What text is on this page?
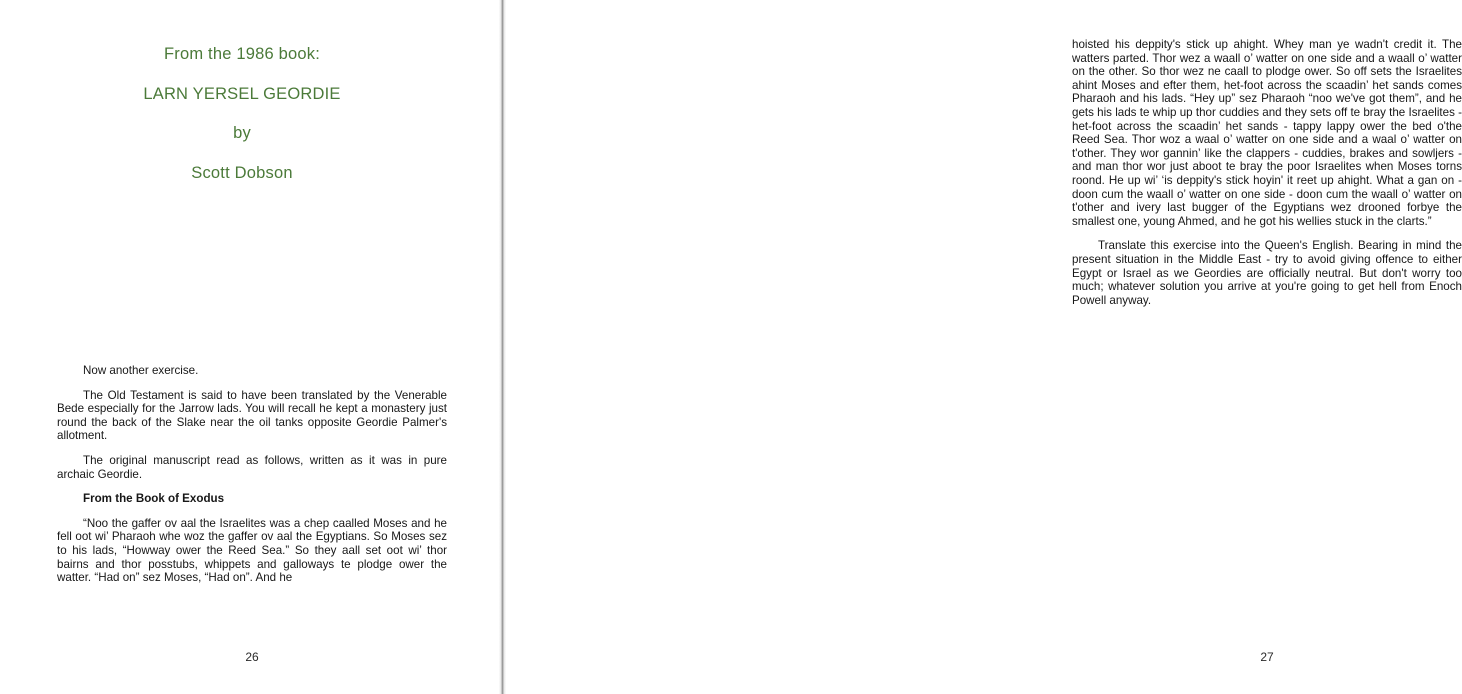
From the 1986 book:
LARN YERSEL GEORDIE
by
Scott Dobson

Now another exercise.

The Old Testament is said to have been translated by the Venerable Bede especially for the Jarrow lads. You will recall he kept a monastery just round the back of the Slake near the oil tanks opposite Geordie Palmer's allotment.

The original manuscript read as follows, written as it was in pure archaic Geordie.

From the Book of Exodus

“Noo the gaffer ov aal the Israelites was a chep caalled Moses and he fell oot wi’ Pharaoh whe woz the gaffer ov aal the Egyptians. So Moses sez to his lads, “Howway ower the Reed Sea.” So they aall set oot wi’ thor bairns and thor posstubs, whippets and galloways te plodge ower the watter. “Had on” sez Moses, “Had on”. And he

26

hoisted his deppity's stick up ahight. Whey man ye wadn't credit it. The watters parted. Thor wez a waall o’ watter on one side and a waall o’ watter on the other. So thor wez ne caall to plodge ower. So off sets the Israelites ahint Moses and efter them, het-foot across the scaadin’ het sands comes Pharaoh and his lads. “Hey up” sez Pharaoh “noo we've got them”, and he gets his lads te whip up thor cuddies and they sets off te bray the Israelites - het-foot across the scaadin’ het sands - tappy lappy ower the bed o'the Reed Sea. Thor woz a waal o’ watter on one side and a waal o’ watter on t'other. They wor gannin’ like the clappers - cuddies, brakes and sowljers - and man thor wor just aboot te bray the poor Israelites when Moses torns roond. He up wi’ ‘is deppity's stick hoyin' it reet up ahight. What a gan on - doon cum the waall o’ watter on one side - doon cum the waall o’ watter on t'other and ivery last bugger of the Egyptians wez drooned forbye the smallest one, young Ahmed, and he got his wellies stuck in the clarts.”

Translate this exercise into the Queen's English. Bearing in mind the present situation in the Middle East - try to avoid giving offence to either Egypt or Israel as we Geordies are officially neutral. But don't worry too much; whatever solution you arrive at you're going to get hell from Enoch Powell anyway.

27
